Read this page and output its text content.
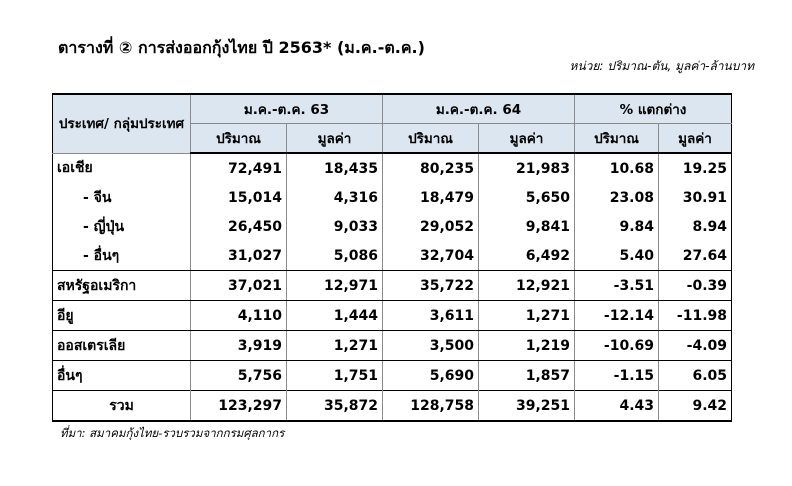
ตารางที่ ② การส่งออกกุ้งไทย ปี 2563* (ม.ค.-ต.ค.)
หน่วย: ปริมาณ-ตัน, มูลค่า-ล้านบาท
ประเทศ/ กลุ่มประเทศ	ม.ค.-ต.ค. 63		ม.ค.-ต.ค. 64		% แตกต่าง	
	ปริมาณ	มูลค่า	ปริมาณ	มูลค่า	ปริมาณ	มูลค่า
เอเชีย	72,491	18,435	80,235	21,983	10.68	19.25
- จีน	15,014	4,316	18,479	5,650	23.08	30.91
- ญี่ปุ่น	26,450	9,033	29,052	9,841	9.84	8.94
- อื่นๆ	31,027	5,086	32,704	6,492	5.40	27.64
สหรัฐอเมริกา	37,021	12,971	35,722	12,921	-3.51	-0.39
อียู	4,110	1,444	3,611	1,271	-12.14	-11.98
ออสเตรเลีย	3,919	1,271	3,500	1,219	-10.69	-4.09
อื่นๆ	5,756	1,751	5,690	1,857	-1.15	6.05
รวม	123,297	35,872	128,758	39,251	4.43	9.42
ที่มา: สมาคมกุ้งไทย-รวบรวมจากกรมศุลกากร
